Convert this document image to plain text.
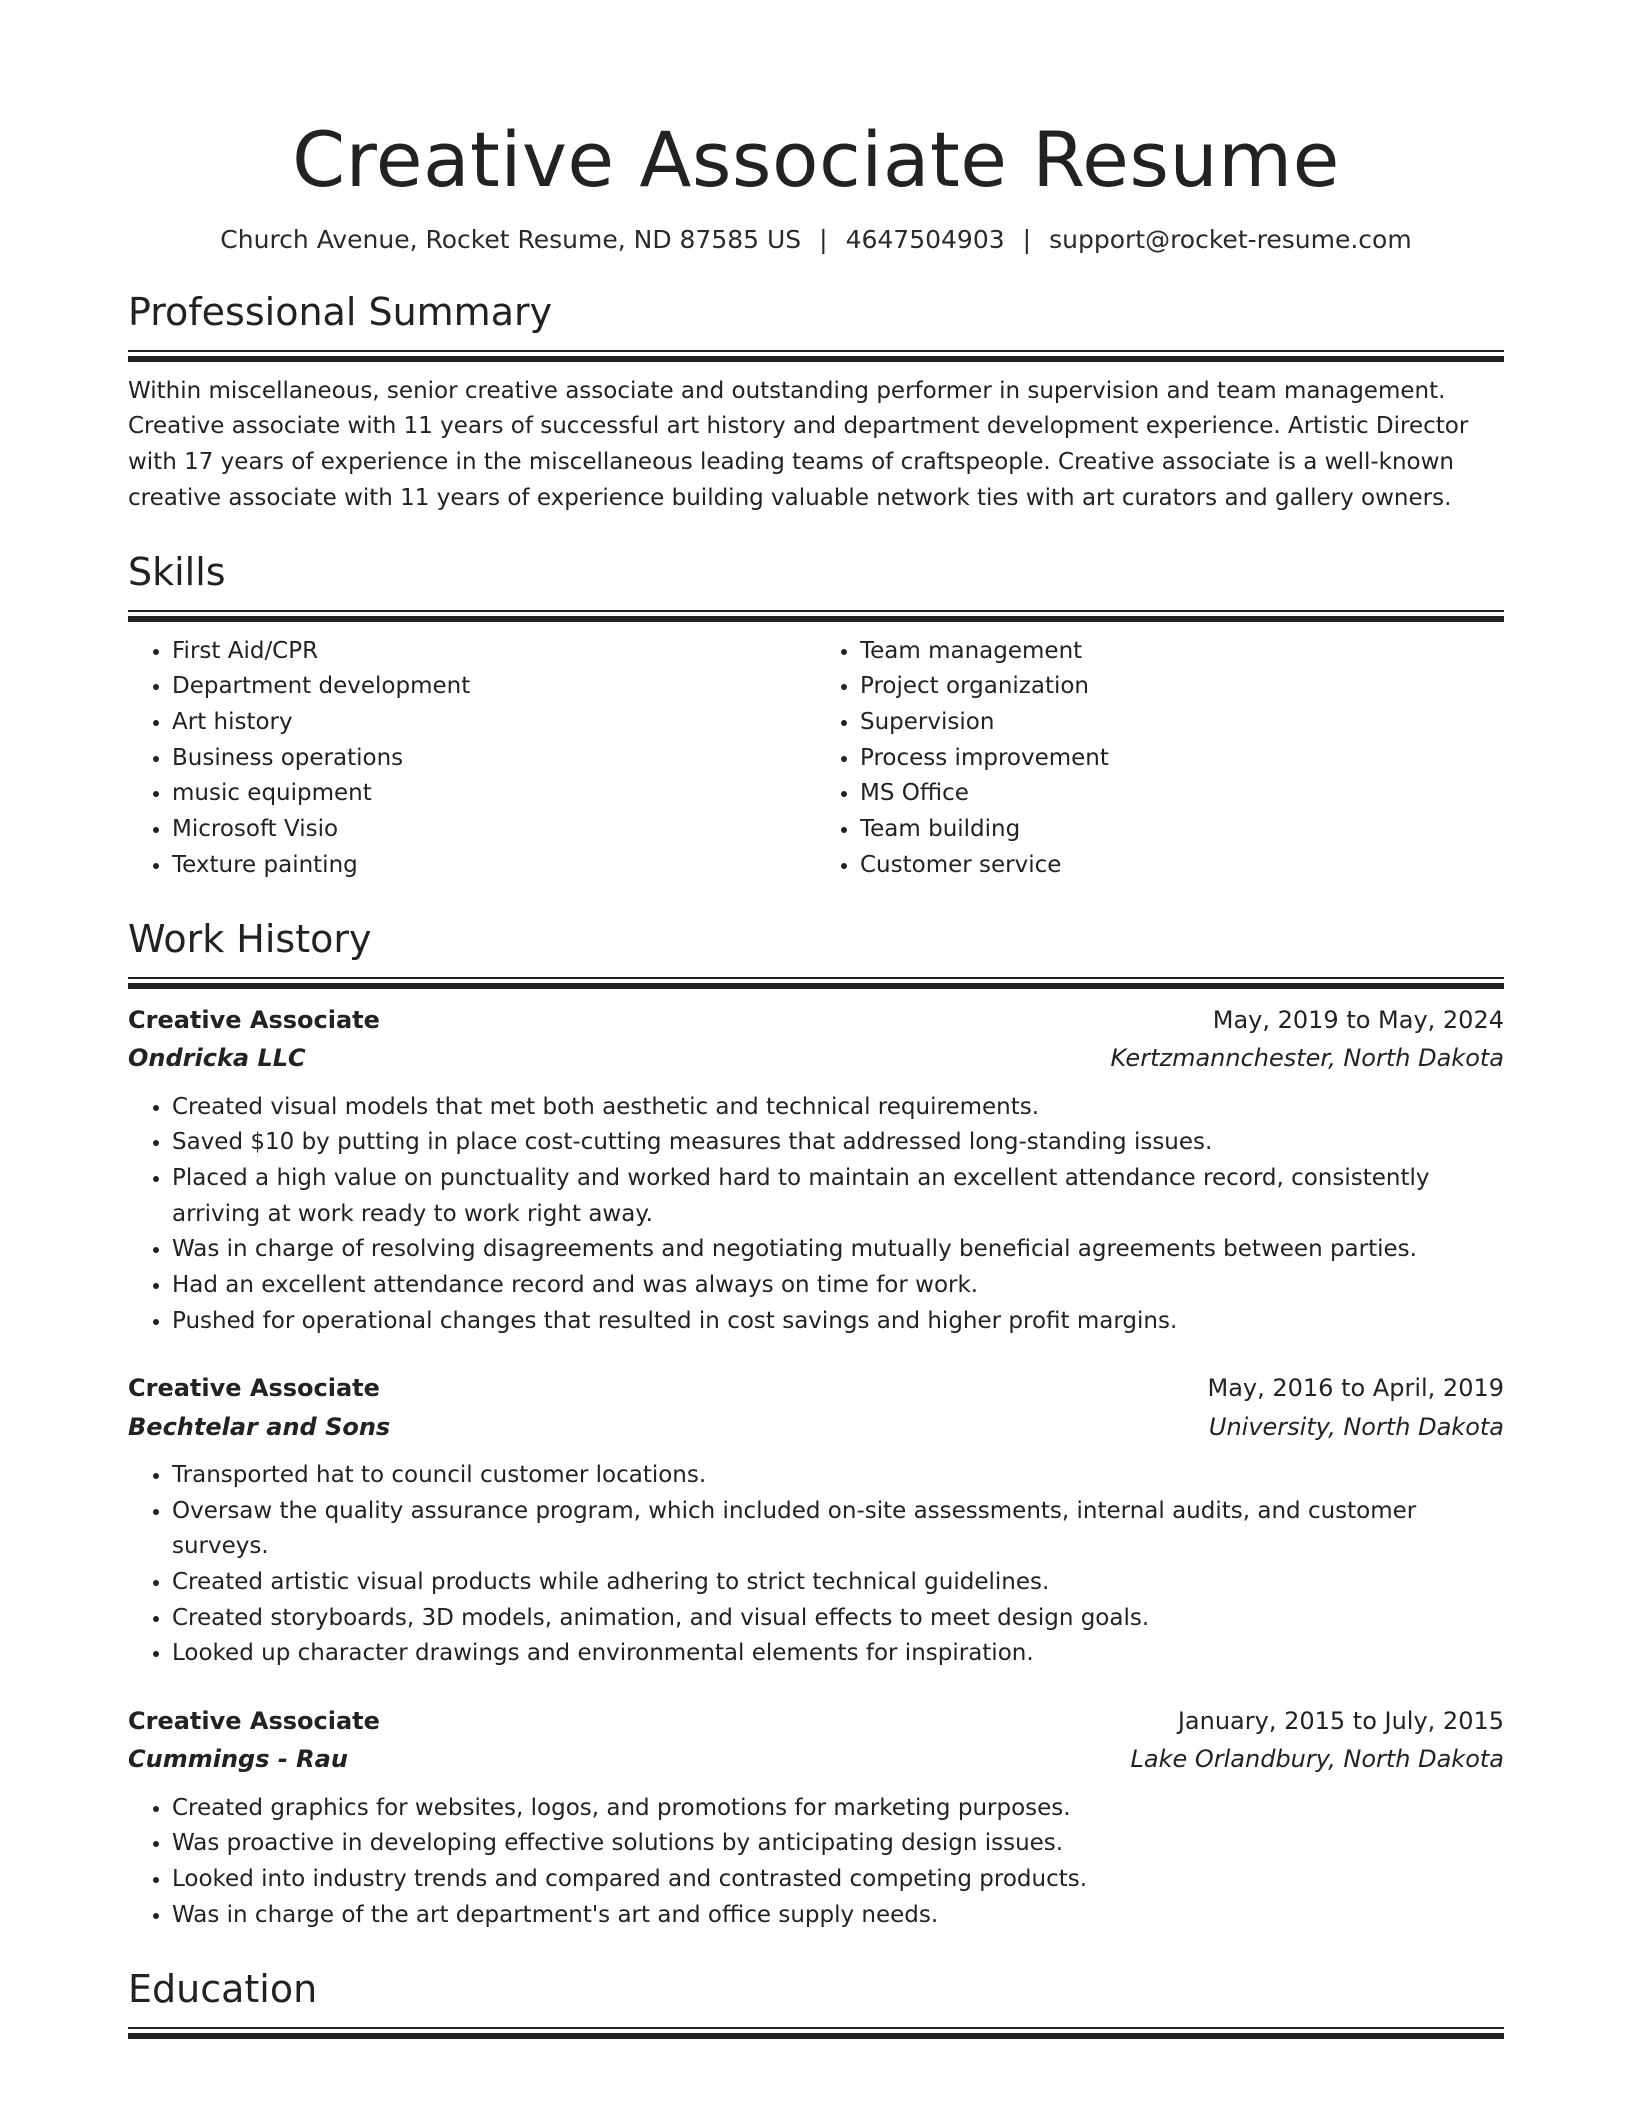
Creative Associate Resume
Church Avenue, Rocket Resume, ND 87585 US | 4647504903 | support@rocket-resume.com
Professional Summary

Within miscellaneous, senior creative associate and outstanding performer in supervision and team management. Creative associate with 11 years of successful art history and department development experience. Artistic Director with 17 years of experience in the miscellaneous leading teams of craftspeople. Creative associate is a well-known creative associate with 11 years of experience building valuable network ties with art curators and gallery owners.

Skills
• First Aid/CPR
• Department development
• Art history
• Business operations
• music equipment
• Microsoft Visio
• Texture painting
• Team management
• Project organization
• Supervision
• Process improvement
• MS Office
• Team building
• Customer service
Work History
Creative Associate	May, 2019 to May, 2024
Ondricka LLC	Kertzmannchester, North Dakota
• Created visual models that met both aesthetic and technical requirements.
• Saved $10 by putting in place cost-cutting measures that addressed long-standing issues.
• Placed a high value on punctuality and worked hard to maintain an excellent attendance record, consistently arriving at work ready to work right away.
• Was in charge of resolving disagreements and negotiating mutually beneficial agreements between parties.
• Had an excellent attendance record and was always on time for work.
• Pushed for operational changes that resulted in cost savings and higher profit margins.
Creative Associate	May, 2016 to April, 2019
Bechtelar and Sons	University, North Dakota
• Transported hat to council customer locations.
• Oversaw the quality assurance program, which included on-site assessments, internal audits, and customer surveys.
• Created artistic visual products while adhering to strict technical guidelines.
• Created storyboards, 3D models, animation, and visual effects to meet design goals.
• Looked up character drawings and environmental elements for inspiration.
Creative Associate	January, 2015 to July, 2015
Cummings - Rau	Lake Orlandbury, North Dakota
• Created graphics for websites, logos, and promotions for marketing purposes.
• Was proactive in developing effective solutions by anticipating design issues.
• Looked into industry trends and compared and contrasted competing products.
• Was in charge of the art department's art and office supply needs.
Education
